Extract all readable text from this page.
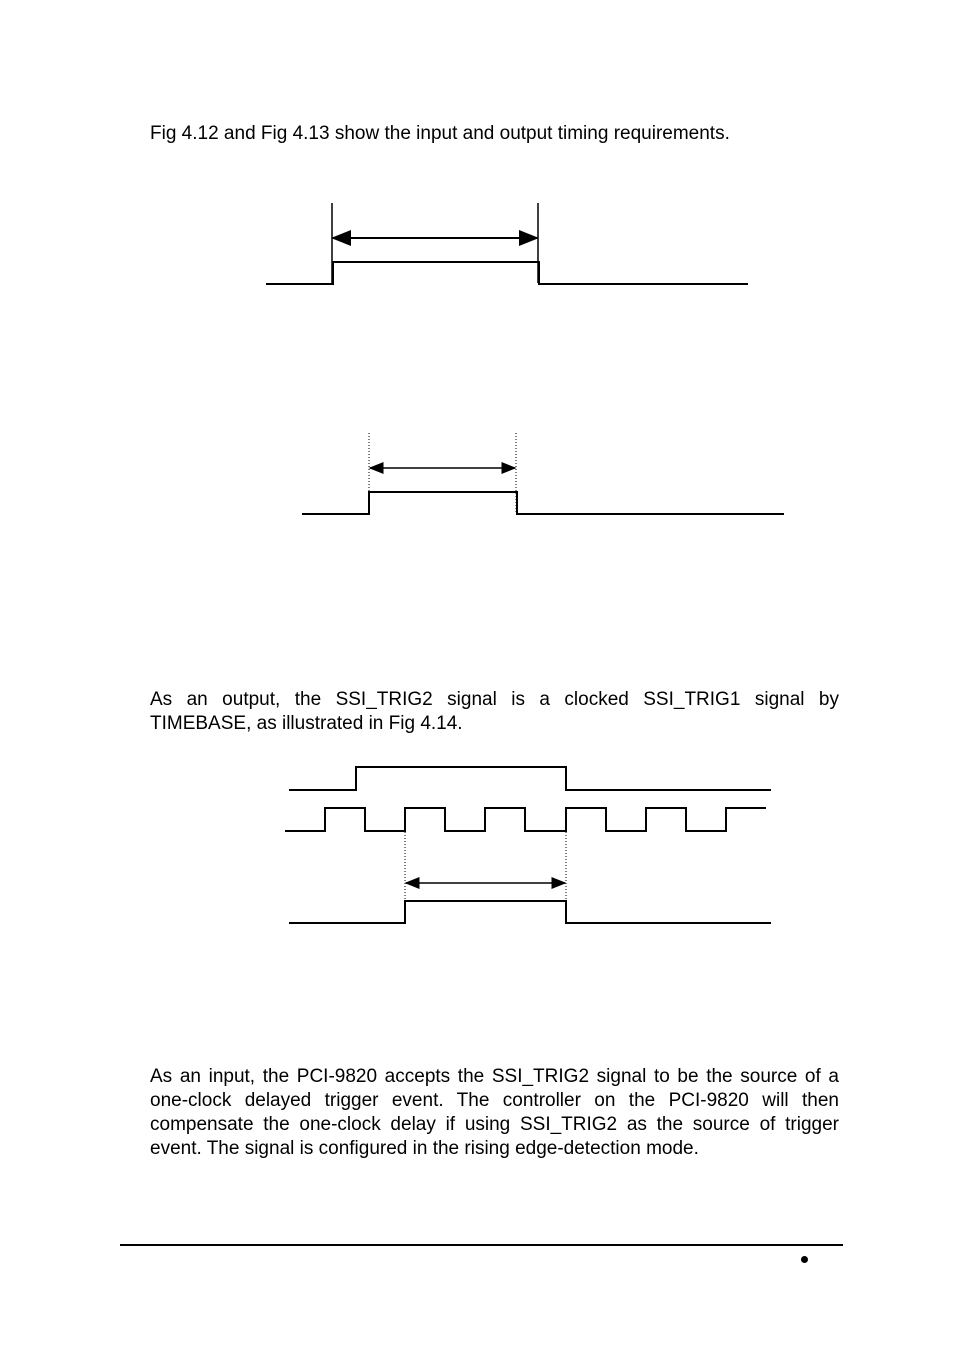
Fig 4.12 and Fig 4.13 show the input and output timing requirements.

As an output, the SSI_TRIG2 signal is a clocked SSI_TRIG1 signal by TIMEBASE, as illustrated in Fig 4.14.

As an input, the PCI-9820 accepts the SSI_TRIG2 signal to be the source of a one-clock delayed trigger event. The controller on the PCI-9820 will then compensate the one-clock delay if using SSI_TRIG2 as the source of trigger event. The signal is configured in the rising edge-detection mode.
